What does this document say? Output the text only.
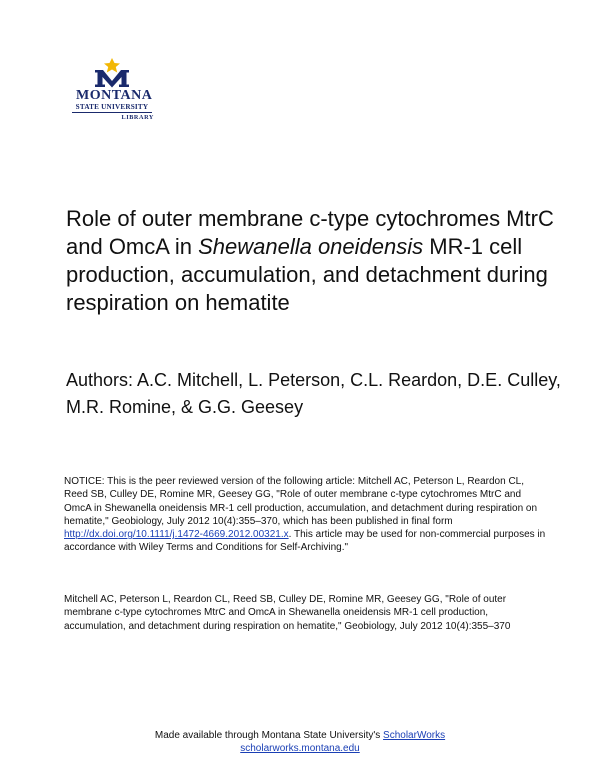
MONTANA
STATE UNIVERSITY
LIBRARY
Role of outer membrane c-type cytochromes MtrC and OmcA in Shewanella oneidensis MR-1 cell production, accumulation, and detachment during respiration on hematite

Authors: A.C. Mitchell, L. Peterson, C.L. Reardon, D.E. Culley, M.R. Romine, & G.G. Geesey

NOTICE: This is the peer reviewed version of the following article: Mitchell AC, Peterson L, Reardon CL, Reed SB, Culley DE, Romine MR, Geesey GG, "Role of outer membrane c-type cytochromes MtrC and OmcA in Shewanella oneidensis MR-1 cell production, accumulation, and detachment during respiration on hematite," Geobiology, July 2012 10(4):355–370, which has been published in final form http://dx.doi.org/10.1111/j.1472-4669.2012.00321.x. This article may be used for non-commercial purposes in accordance with Wiley Terms and Conditions for Self-Archiving."

Mitchell AC, Peterson L, Reardon CL, Reed SB, Culley DE, Romine MR, Geesey GG, "Role of outer membrane c-type cytochromes MtrC and OmcA in Shewanella oneidensis MR-1 cell production, accumulation, and detachment during respiration on hematite," Geobiology, July 2012 10(4):355–370

Made available through Montana State University's ScholarWorks
scholarworks.montana.edu
